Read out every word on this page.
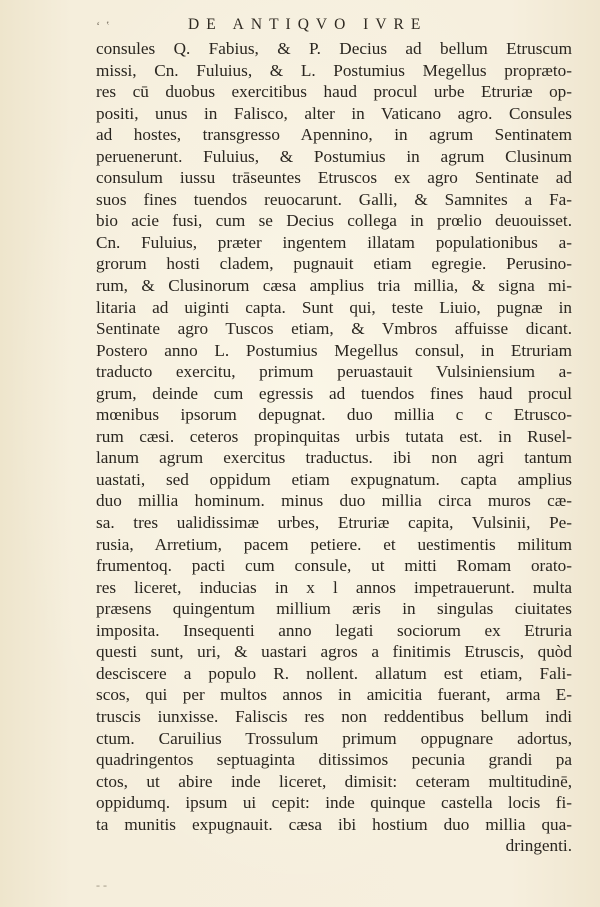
ʻ ʽ	DE ANTIQVO IVRE
consules Q. Fabius, & P. Decius ad bellum Etruscum
missi, Cn. Fuluius, & L. Postumius Megellus propræto-
res cū duobus exercitibus haud procul urbe Etruriæ op-
positi, unus in Falisco, alter in Vaticano agro. Consules
ad hostes, transgresso Apennino, in agrum Sentinatem
peruenerunt. Fuluius, & Postumius in agrum Clusinum
consulum iussu trāseuntes Etruscos ex agro Sentinate ad
suos fines tuendos reuocarunt. Galli, & Samnites a Fa-
bio acie fusi, cum se Decius collega in prœlio deuouisset.
Cn. Fuluius, præter ingentem illatam populationibus a-
grorum hosti cladem, pugnauit etiam egregie. Perusino-
rum, & Clusinorum cæsa amplius tria millia, & signa mi-
litaria ad uiginti capta. Sunt qui, teste Liuio, pugnæ in
Sentinate agro Tuscos etiam, & Vmbros affuisse dicant.
Postero anno L. Postumius Megellus consul, in Etruriam
traducto exercitu, primum peruastauit Vulsiniensium a-
grum, deinde cum egressis ad tuendos fines haud procul
mœnibus ipsorum depugnat. duo millia c c Etrusco-
rum cæsi. ceteros propinquitas urbis tutata est. in Rusel-
lanum agrum exercitus traductus. ibi non agri tantum
uastati, sed oppidum etiam expugnatum. capta amplius
duo millia hominum. minus duo millia circa muros cæ-
sa. tres ualidissimæ urbes, Etruriæ capita, Vulsinii, Pe-
rusia, Arretium, pacem petiere. et uestimentis militum
frumentoq. pacti cum consule, ut mitti Romam orato-
res liceret, inducias in x l annos impetrauerunt. multa
præsens quingentum millium æris in singulas ciuitates
imposita. Insequenti anno legati sociorum ex Etruria
questi sunt, uri, & uastari agros a finitimis Etruscis, quòd
desciscere a populo R. nollent. allatum est etiam, Fali-
scos, qui per multos annos in amicitia fuerant, arma E-
truscis iunxisse. Faliscis res non reddentibus bellum indi
ctum. Caruilius Trossulum primum oppugnare adortus,
quadringentos septuaginta ditissimos pecunia grandi pa
ctos, ut abire inde liceret, dimisit: ceteram multitudinē,
oppidumq. ipsum ui cepit: inde quinque castella locis fi-
ta munitis expugnauit. cæsa ibi hostium duo millia qua-
dringenti.
- -
